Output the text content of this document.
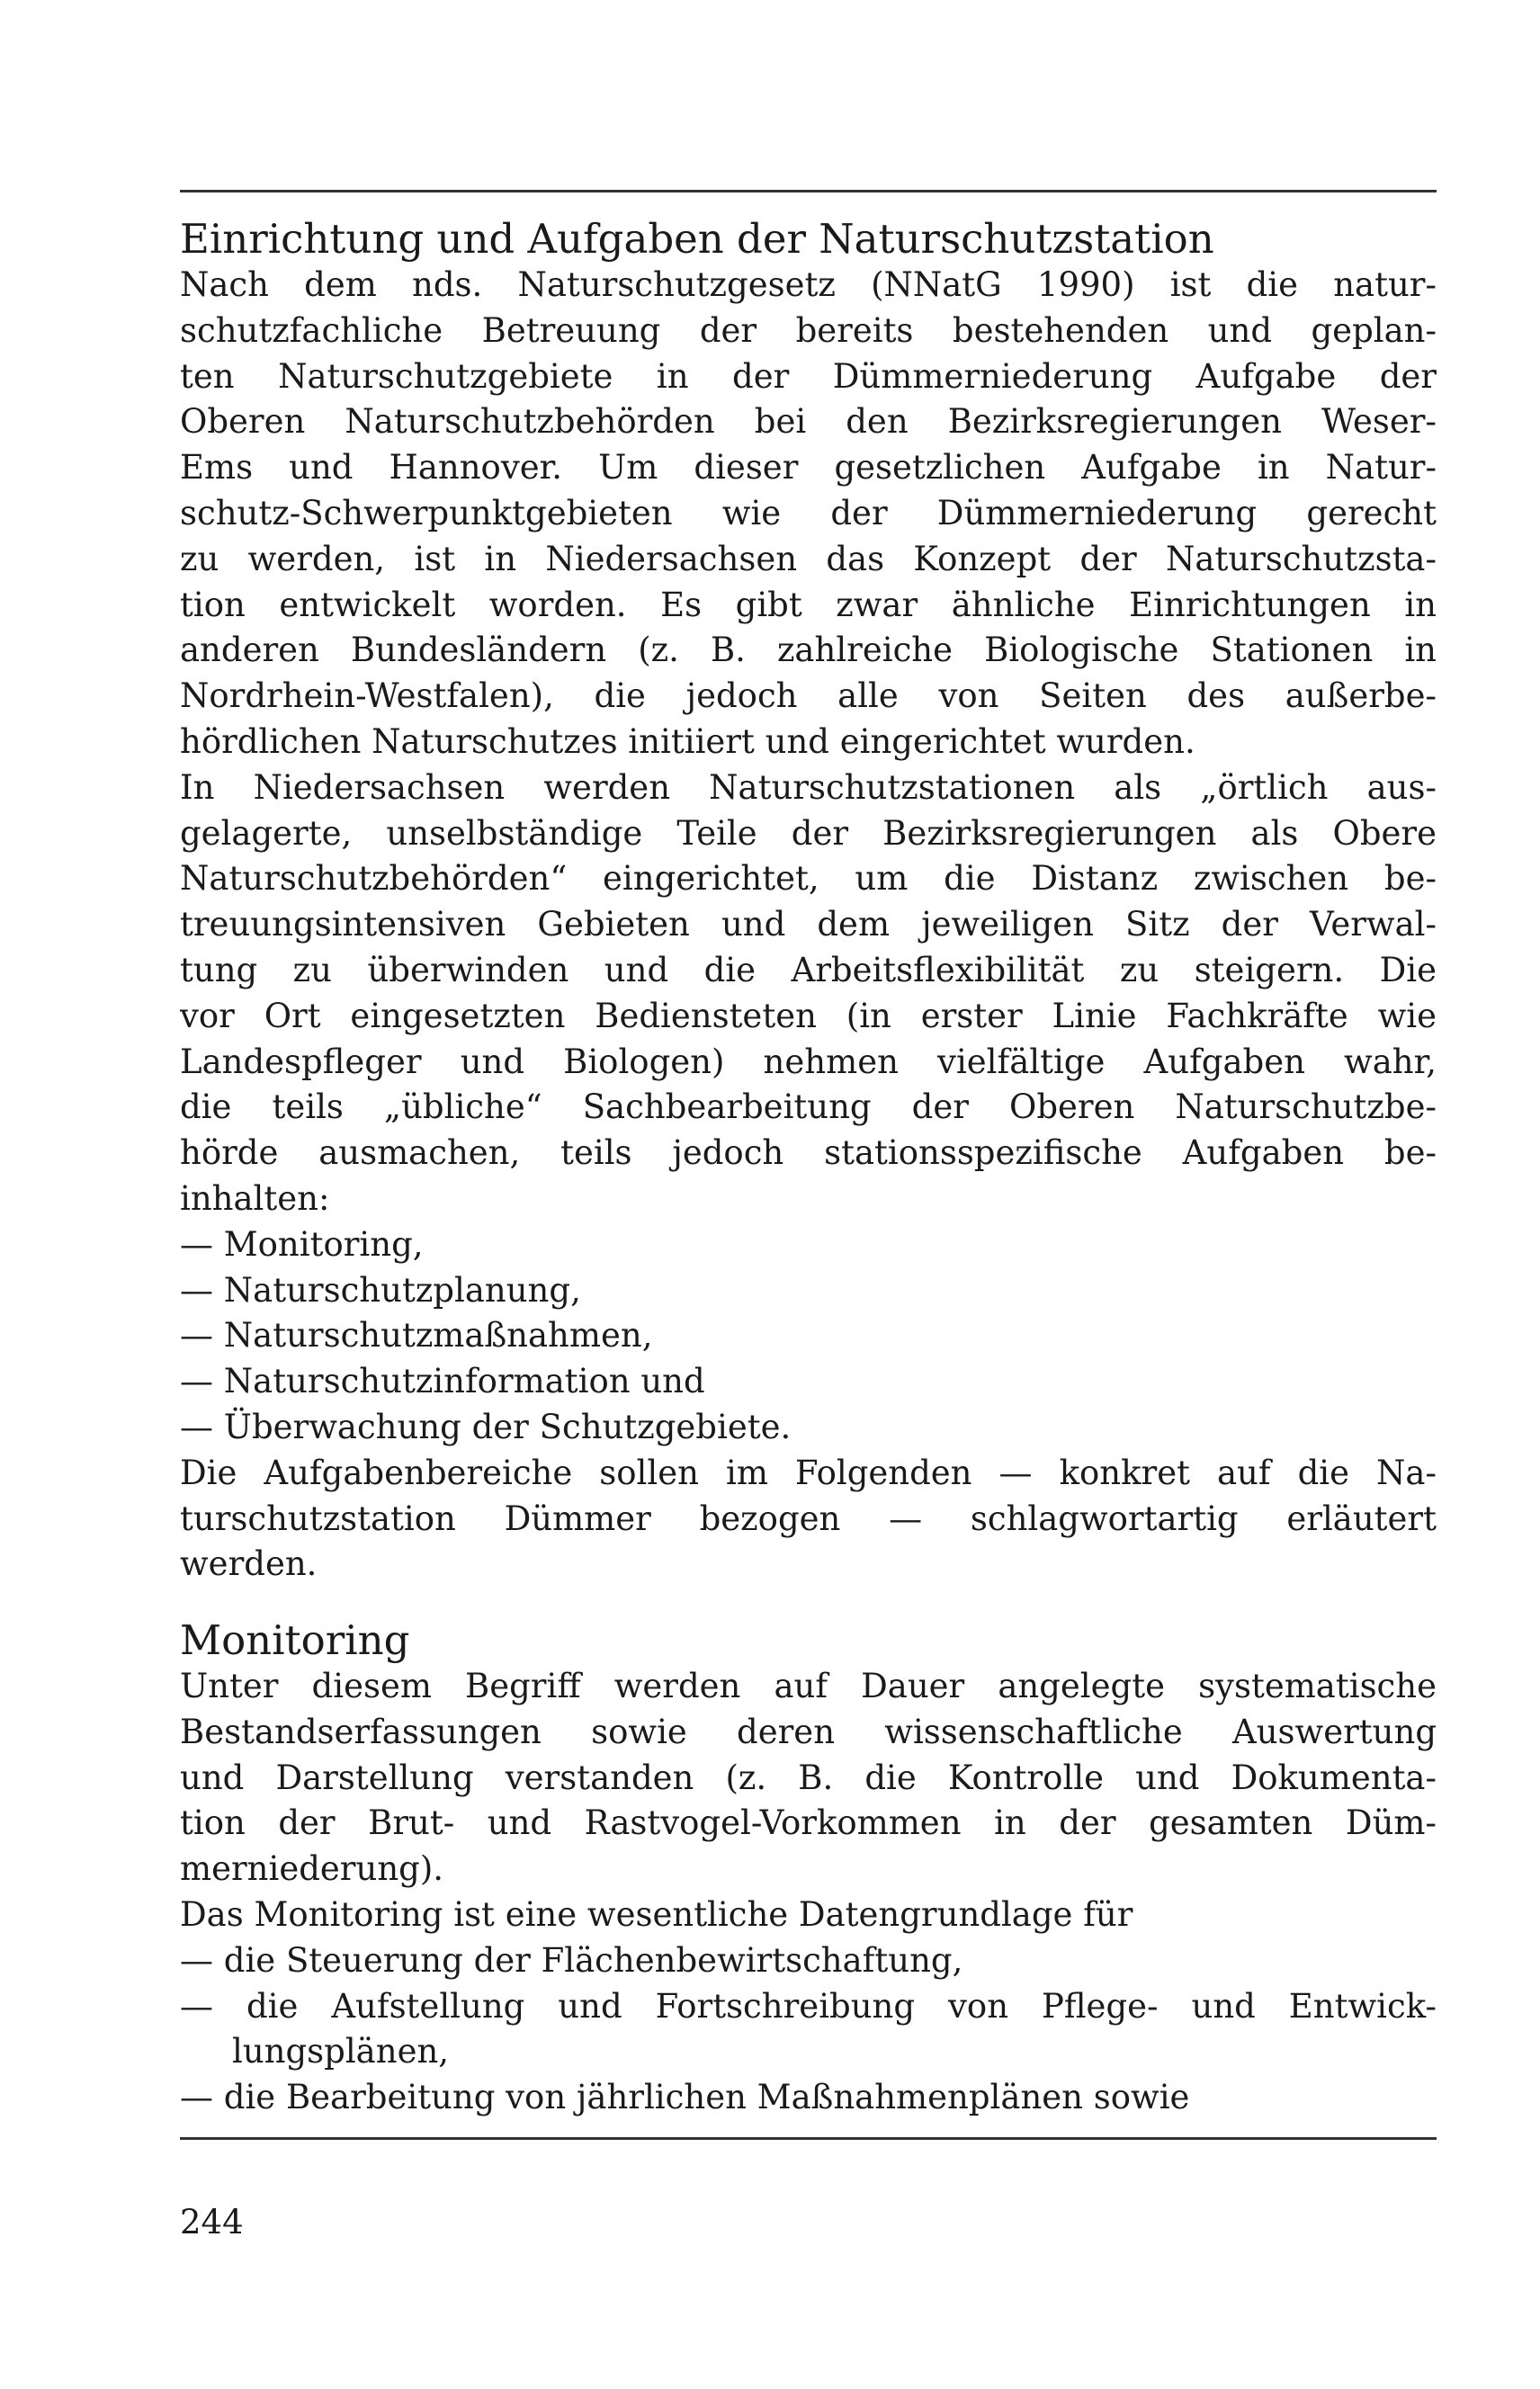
Einrichtung und Aufgaben der Naturschutzstation
Nach dem nds. Naturschutzgesetz (NNatG 1990) ist die natur-
schutzfachliche Betreuung der bereits bestehenden und geplan-
ten Naturschutzgebiete in der Dümmerniederung Aufgabe der
Oberen Naturschutzbehörden bei den Bezirksregierungen Weser-
Ems und Hannover. Um dieser gesetzlichen Aufgabe in Natur-
schutz-Schwerpunktgebieten wie der Dümmerniederung gerecht
zu werden, ist in Niedersachsen das Konzept der Naturschutzsta-
tion entwickelt worden. Es gibt zwar ähnliche Einrichtungen in
anderen Bundesländern (z. B. zahlreiche Biologische Stationen in
Nordrhein-Westfalen), die jedoch alle von Seiten des außerbe-
hördlichen Naturschutzes initiiert und eingerichtet wurden.
In Niedersachsen werden Naturschutzstationen als „örtlich aus-
gelagerte, unselbständige Teile der Bezirksregierungen als Obere
Naturschutzbehörden“ eingerichtet, um die Distanz zwischen be-
treuungsintensiven Gebieten und dem jeweiligen Sitz der Verwal-
tung zu überwinden und die Arbeitsflexibilität zu steigern. Die
vor Ort eingesetzten Bediensteten (in erster Linie Fachkräfte wie
Landespfleger und Biologen) nehmen vielfältige Aufgaben wahr,
die teils „übliche“ Sachbearbeitung der Oberen Naturschutzbe-
hörde ausmachen, teils jedoch stationsspezifische Aufgaben be-
inhalten:
— Monitoring,
— Naturschutzplanung,
— Naturschutzmaßnahmen,
— Naturschutzinformation und
— Überwachung der Schutzgebiete.
Die Aufgabenbereiche sollen im Folgenden — konkret auf die Na-
turschutzstation Dümmer bezogen — schlagwortartig erläutert
werden.
Monitoring
Unter diesem Begriff werden auf Dauer angelegte systematische
Bestandserfassungen sowie deren wissenschaftliche Auswertung
und Darstellung verstanden (z. B. die Kontrolle und Dokumenta-
tion der Brut- und Rastvogel-Vorkommen in der gesamten Düm-
merniederung).
Das Monitoring ist eine wesentliche Datengrundlage für
— die Steuerung der Flächenbewirtschaftung,
— die Aufstellung und Fortschreibung von Pflege- und Entwick-
lungsplänen,
— die Bearbeitung von jährlichen Maßnahmenplänen sowie
244
